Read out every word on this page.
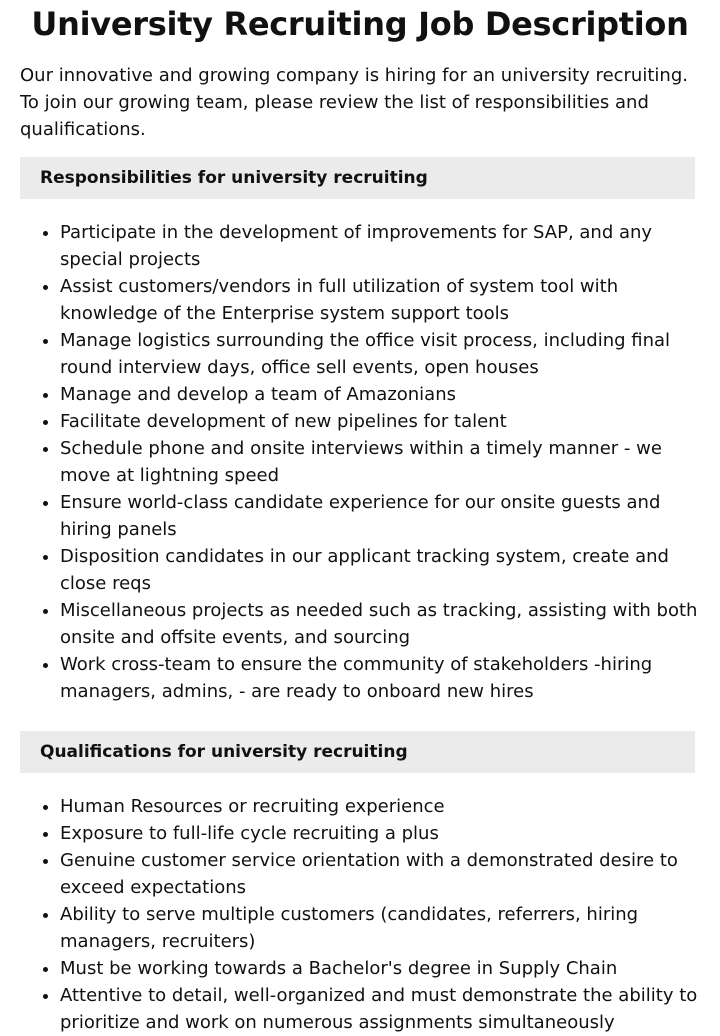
University Recruiting Job Description

Our innovative and growing company is hiring for an university recruiting. To join our growing team, please review the list of responsibilities and qualifications.

Responsibilities for university recruiting
• Participate in the development of improvements for SAP, and any special projects
• Assist customers/vendors in full utilization of system tool with knowledge of the Enterprise system support tools
• Manage logistics surrounding the office visit process, including final round interview days, office sell events, open houses
• Manage and develop a team of Amazonians
• Facilitate development of new pipelines for talent
• Schedule phone and onsite interviews within a timely manner - we move at lightning speed
• Ensure world-class candidate experience for our onsite guests and hiring panels
• Disposition candidates in our applicant tracking system, create and close reqs
• Miscellaneous projects as needed such as tracking, assisting with both onsite and offsite events, and sourcing
• Work cross-team to ensure the community of stakeholders -hiring managers, admins, - are ready to onboard new hires
Qualifications for university recruiting
• Human Resources or recruiting experience
• Exposure to full-life cycle recruiting a plus
• Genuine customer service orientation with a demonstrated desire to exceed expectations
• Ability to serve multiple customers (candidates, referrers, hiring managers, recruiters)
• Must be working towards a Bachelor's degree in Supply Chain
• Attentive to detail, well-organized and must demonstrate the ability to prioritize and work on numerous assignments simultaneously
